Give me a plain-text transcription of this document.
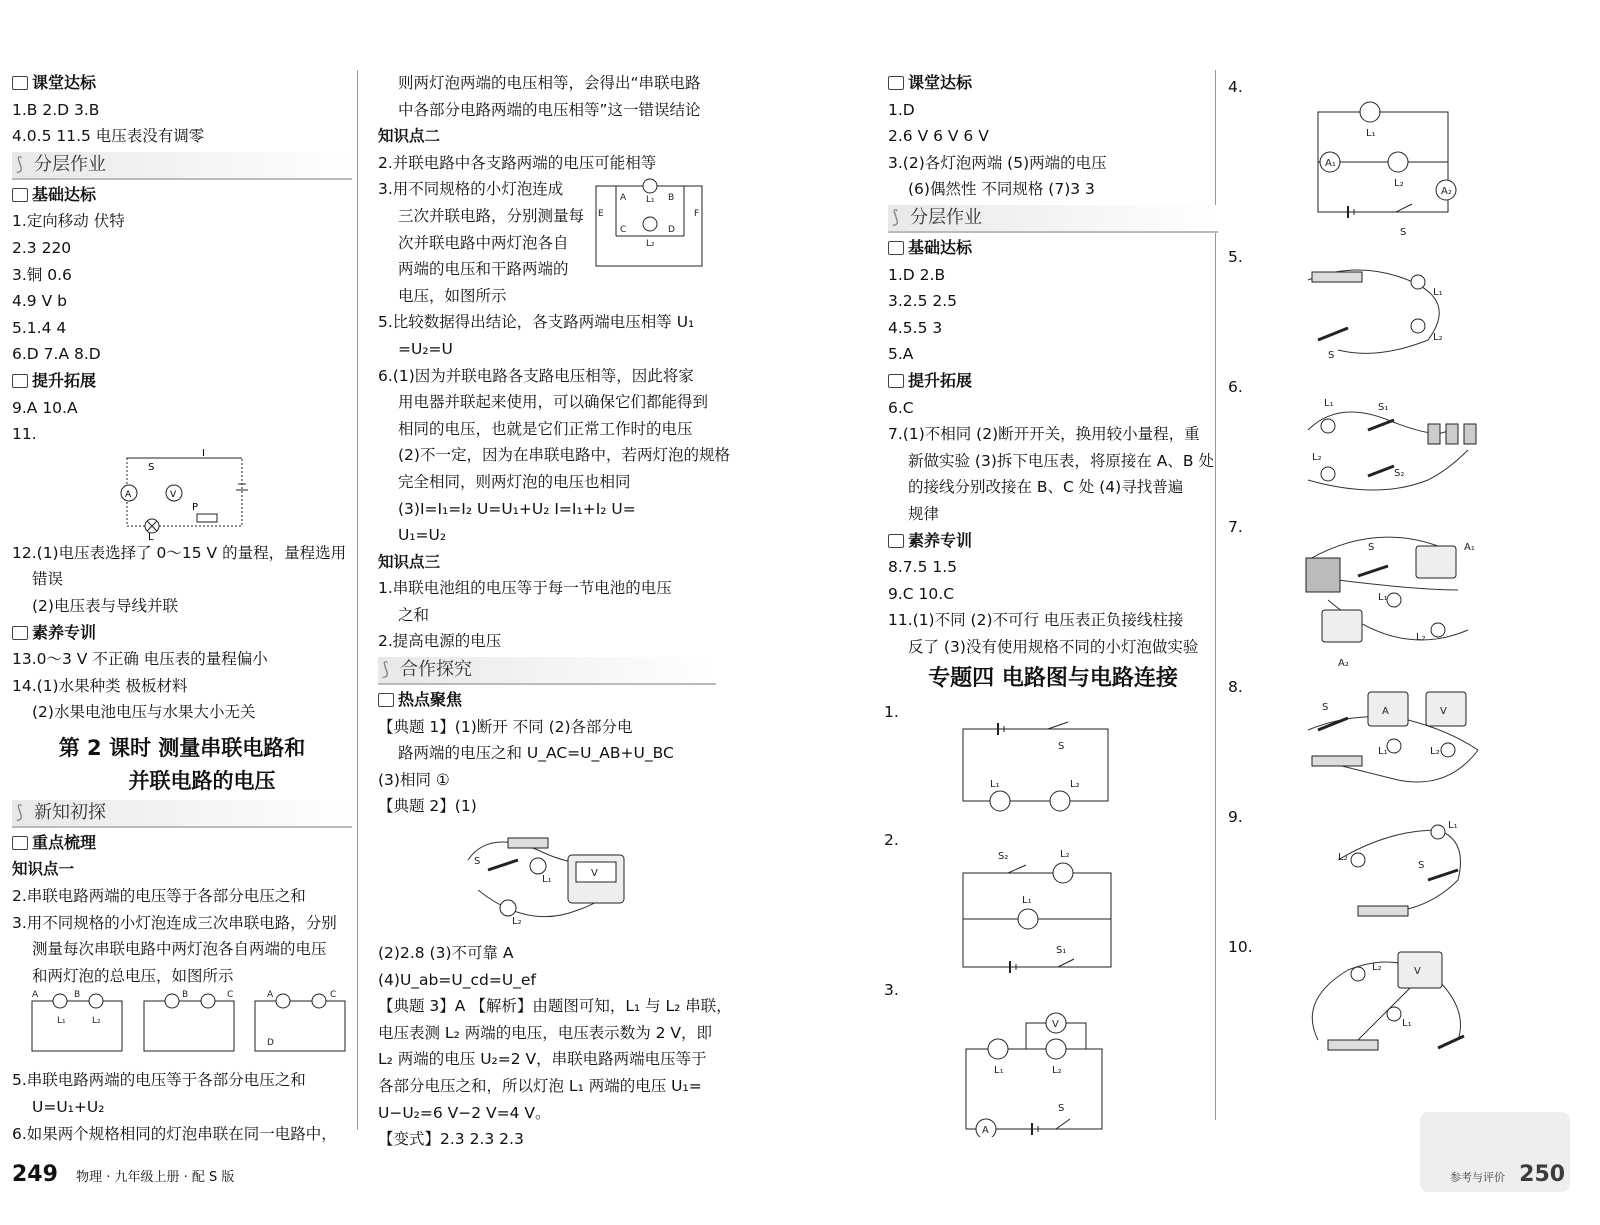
课堂达标
1.B 2.D 3.B
4.0.5 11.5 电压表没有调零
⟆ 分层作业
基础达标
1.定向移动 伏特
2.3 220
3.铜 0.6
4.9 V b
5.1.4 4
6.D 7.A 8.D
提升拓展
9.A 10.A
11.
A	V
L
S
I
P
12.(1)电压表选择了 0～15 V 的量程，量程选用
错误
(2)电压表与导线并联
素养专训
13.0～3 V 不正确 电压表的量程偏小
14.(1)水果种类 极板材料
(2)水果电池电压与水果大小无关
第 2 课时 测量串联电路和
并联电路的电压
⟆ 新知初探
重点梳理
知识点一
2.串联电路两端的电压等于各部分电压之和
3.用不同规格的小灯泡连成三次串联电路，分别
测量每次串联电路中两灯泡各自两端的电压
和两灯泡的总电压，如图所示
A	B	B	C	A	C
D
L₁	L₂
5.串联电路两端的电压等于各部分电压之和
U=U₁+U₂
6.如果两个规格相同的灯泡串联在同一电路中，
则两灯泡两端的电压相等，会得出“串联电路
中各部分电路两端的电压相等”这一错误结论
知识点二
2.并联电路中各支路两端的电压可能相等
3.用不同规格的小灯泡连成
三次并联电路，分别测量每
次并联电路中两灯泡各自
两端的电压和干路两端的
电压，如图所示
A	B
C	D
E	F
L₁
L₂
5.比较数据得出结论，各支路两端电压相等 U₁
=U₂=U
6.(1)因为并联电路各支路电压相等，因此将家
用电器并联起来使用，可以确保它们都能得到
相同的电压，也就是它们正常工作时的电压
(2)不一定，因为在串联电路中，若两灯泡的规格
完全相同，则两灯泡的电压也相同
(3)I=I₁=I₂ U=U₁+U₂ I=I₁+I₂ U=
U₁=U₂
知识点三
1.串联电池组的电压等于每一节电池的电压
之和
2.提高电源的电压
⟆ 合作探究
热点聚焦
【典题 1】(1)断开 不同 (2)各部分电
路两端的电压之和 U_AC=U_AB+U_BC
(3)相同 ①
【典题 2】(1)
S
L₁
L₂
V
(2)2.8 (3)不可靠 A
(4)U_ab=U_cd=U_ef
【典题 3】A 【解析】由题图可知，L₁ 与 L₂ 串联，
电压表测 L₂ 两端的电压，电压表示数为 2 V，即
L₂ 两端的电压 U₂=2 V，串联电路两端电压等于
各部分电压之和，所以灯泡 L₁ 两端的电压 U₁=
U−U₂=6 V−2 V=4 V。
【变式】2.3 2.3 2.3
课堂达标
1.D
2.6 V 6 V 6 V
3.(2)各灯泡两端 (5)两端的电压
(6)偶然性 不同规格 (7)3 3
⟆ 分层作业
基础达标
1.D 2.B
3.2.5 2.5
4.5.5 3
5.A
提升拓展
6.C
7.(1)不相同 (2)断开开关，换用较小量程，重
新做实验 (3)拆下电压表，将原接在 A、B 处
的接线分别改接在 B、C 处 (4)寻找普遍
规律
素养专训
8.7.5 1.5
9.C 10.C
11.(1)不同 (2)不可行 电压表正负接线柱接
反了 (3)没有使用规格不同的小灯泡做实验
专题四 电路图与电路连接
1.
S
L₁	L₂
2.
S₂	L₂
L₁
S₁
3.
V
A
L₁	L₂
S
4.
L₁
A₁
L₂
A₂
S
5.
L₁
L₂
S
6.
L₁
L₂
S₁
S₂
7.
S	A₁
A₂
L₁
L₂
8.
S	A	V
L₁	L₂
9.
L₂
L₁
S
10.
L₂	V
L₁
249 物理 · 九年级上册 · 配 S 版	参考与评价 250
